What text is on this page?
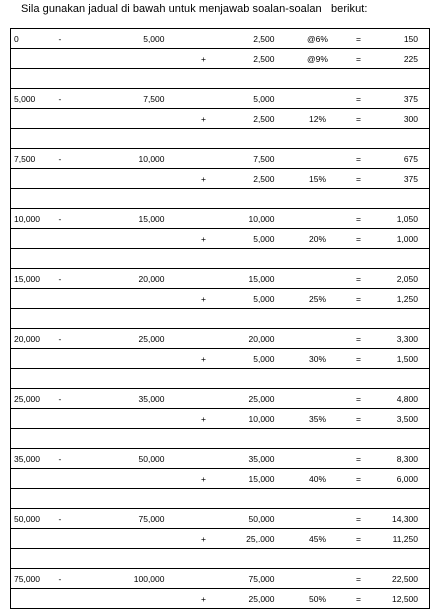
Sila gunakan jadual di bawah untuk menjawab soalan-soalan   berikut:
0	-	5,000		2,500	@6%	=	150
			+	2,500	@9%	=	225

5,000	-	7,500		5,000		=	375
			+	2,500	12%	=	300

7,500	-	10,000		7,500		=	675
			+	2,500	15%	=	375

10,000	-	15,000		10,000		=	1,050
			+	5,000	20%	=	1,000

15,000	-	20,000		15,000		=	2,050
			+	5,000	25%	=	1,250

20,000	-	25,000		20,000		=	3,300
			+	5,000	30%	=	1,500

25,000	-	35,000		25,000		=	4,800
			+	10,000	35%	=	3,500

35,000	-	50,000		35,000		=	8,300
			+	15,000	40%	=	6,000

50,000	-	75,000		50,000		=	14,300
			+	25,.000	45%	=	11,250

75,000	-	100,000		75,000		=	22,500
			+	25,000	50%	=	12,500
